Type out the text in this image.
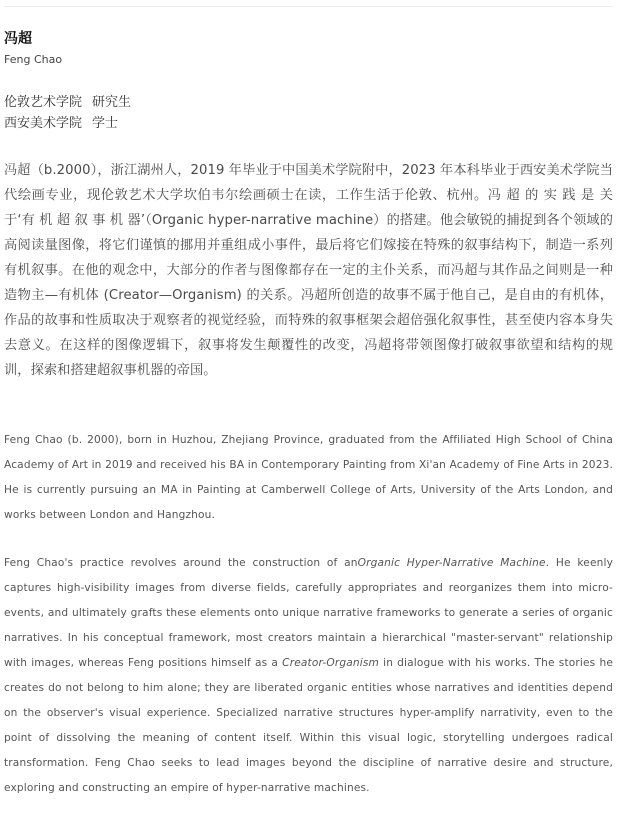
冯超
Feng Chao
伦敦艺术学院 研究生
西安美术学院 学士
冯超（b.2000），浙江湖州人，2019 年毕业于中国美术学院附中，2023 年本科毕业于西安美术学院当代绘画专业，现伦敦艺术大学坎伯韦尔绘画硕士在读，工作生活于伦敦、杭州。冯 超 的 实 践 是 关 于‘有 机 超 叙 事 机 器’（Organic hyper-narrative machine）的搭建。他会敏锐的捕捉到各个领域的高阅读量图像，将它们谨慎的挪用并重组成小事件，最后将它们嫁接在特殊的叙事结构下，制造一系列有机叙事。在他的观念中，大部分的作者与图像都存在一定的主仆关系，而冯超与其作品之间则是一种造物主—有机体 (Creator—Organism) 的关系。冯超所创造的故事不属于他自己，是自由的有机体，作品的故事和性质取决于观察者的视觉经验，而特殊的叙事框架会超倍强化叙事性，甚至使内容本身失去意义。在这样的图像逻辑下，叙事将发生颠覆性的改变，冯超将带领图像打破叙事欲望和结构的规训，探索和搭建超叙事机器的帝国。

Feng Chao (b. 2000), born in Huzhou, Zhejiang Province, graduated from the Affiliated High School of China Academy of Art in 2019 and received his BA in Contemporary Painting from Xi'an Academy of Fine Arts in 2023. He is currently pursuing an MA in Painting at Camberwell College of Arts, University of the Arts London, and works between London and Hangzhou.

Feng Chao's practice revolves around the construction of anOrganic Hyper-Narrative Machine. He keenly captures high-visibility images from diverse fields, carefully appropriates and reorganizes them into micro-events, and ultimately grafts these elements onto unique narrative frameworks to generate a series of organic narratives. In his conceptual framework, most creators maintain a hierarchical "master-servant" relationship with images, whereas Feng positions himself as a Creator-Organism in dialogue with his works. The stories he creates do not belong to him alone; they are liberated organic entities whose narratives and identities depend on the observer's visual experience. Specialized narrative structures hyper-amplify narrativity, even to the point of dissolving the meaning of content itself. Within this visual logic, storytelling undergoes radical transformation. Feng Chao seeks to lead images beyond the discipline of narrative desire and structure, exploring and constructing an empire of hyper-narrative machines.
